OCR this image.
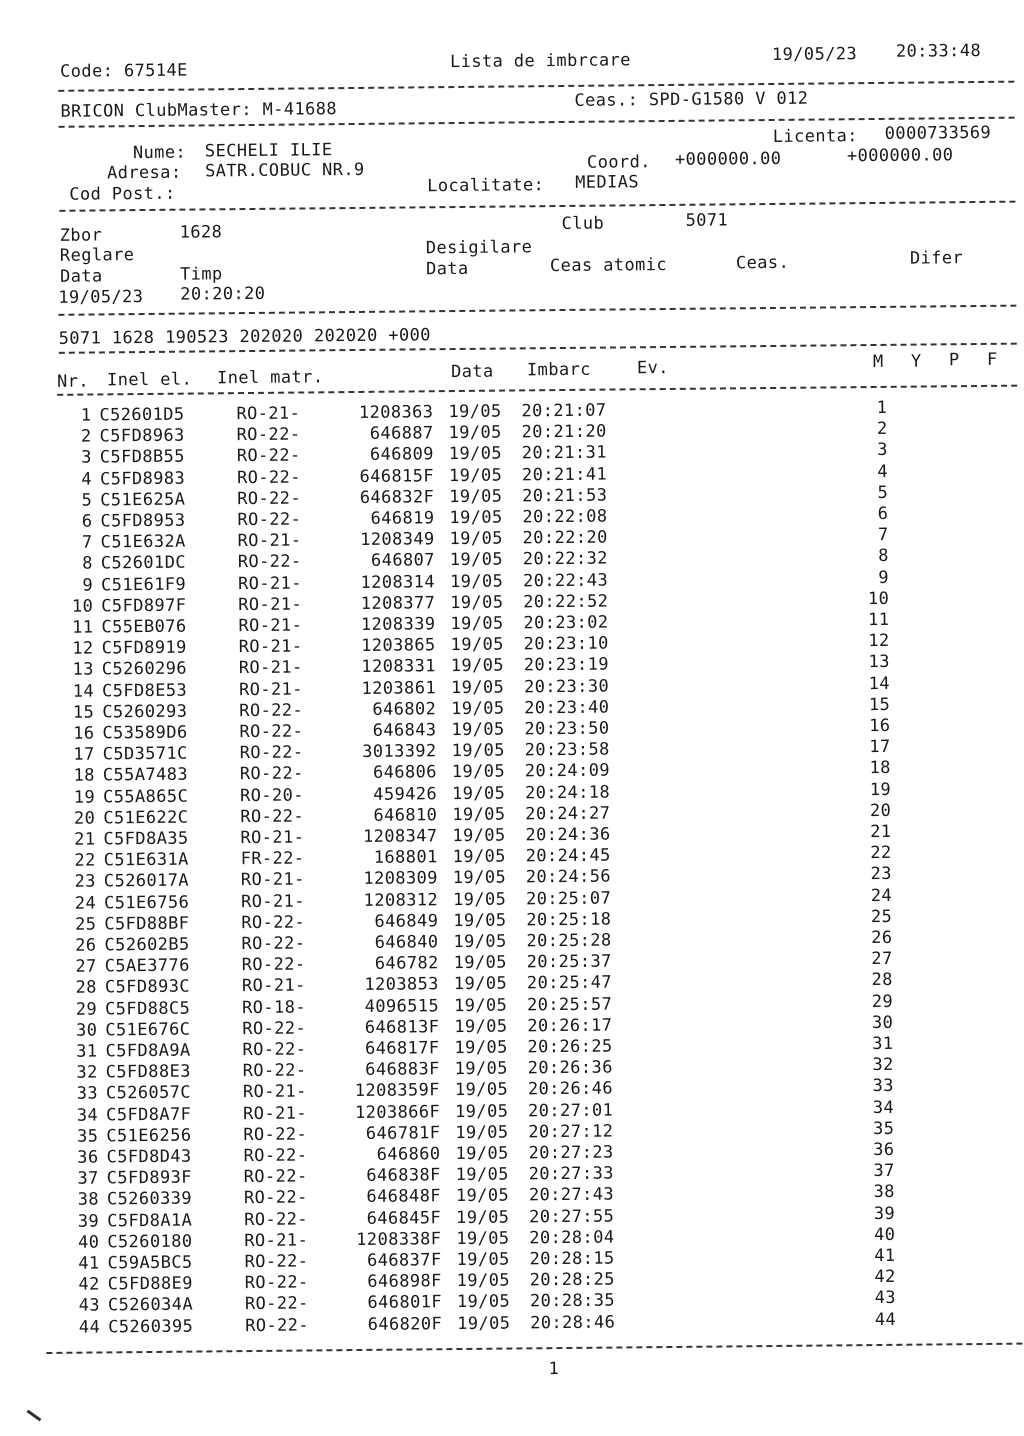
Code: 67514E	Lista de imbrcare	19/05/23 20:33:48
BRICON ClubMaster: M-41688	Ceas.: SPD-G1580 V 012
Licenta: 0000733569
Nume: SECHELI ILIE
Adresa: SATR.COBUC NR.9	Coord. +000000.00	+000000.00
Cod Post.:	Localitate: MEDIAS
Zbor	1628	Club	5071
Reglare	Desigilare
Data	Timp	Data	Ceas atomic	Ceas.	Difer
19/05/23 20:20:20
5071 1628 190523 202020 202020 +000
Nr. Inel el. Inel matr.	Data Imbarc	Ev.	M Y P F
1 C52601D5	RO-21-	1208363 19/05 20:21:07	1
2 C5FD8963	RO-22-	646887 19/05 20:21:20	2
3 C5FD8B55	RO-22-	646809 19/05 20:21:31	3
4 C5FD8983	RO-22-	646815F 19/05 20:21:41	4
5 C51E625A	RO-22-	646832F 19/05 20:21:53	5
6 C5FD8953	RO-22-	646819 19/05 20:22:08	6
7 C51E632A	RO-21-	1208349 19/05 20:22:20	7
8 C52601DC	RO-22-	646807 19/05 20:22:32	8
9 C51E61F9	RO-21-	1208314 19/05 20:22:43	9
10 C5FD897F	RO-21-	1208377 19/05 20:22:52	10
11 C55EB076	RO-21-	1208339 19/05 20:23:02	11
12 C5FD8919	RO-21-	1203865 19/05 20:23:10	12
13 C5260296	RO-21-	1208331 19/05 20:23:19	13
14 C5FD8E53	RO-21-	1203861 19/05 20:23:30	14
15 C5260293	RO-22-	646802 19/05 20:23:40	15
16 C53589D6	RO-22-	646843 19/05 20:23:50	16
17 C5D3571C	RO-22-	3013392 19/05 20:23:58	17
18 C55A7483	RO-22-	646806 19/05 20:24:09	18
19 C55A865C	RO-20-	459426 19/05 20:24:18	19
20 C51E622C	RO-22-	646810 19/05 20:24:27	20
21 C5FD8A35	RO-21-	1208347 19/05 20:24:36	21
22 C51E631A	FR-22-	168801 19/05 20:24:45	22
23 C526017A	RO-21-	1208309 19/05 20:24:56	23
24 C51E6756	RO-21-	1208312 19/05 20:25:07	24
25 C5FD88BF	RO-22-	646849 19/05 20:25:18	25
26 C52602B5	RO-22-	646840 19/05 20:25:28	26
27 C5AE3776	RO-22-	646782 19/05 20:25:37	27
28 C5FD893C	RO-21-	1203853 19/05 20:25:47	28
29 C5FD88C5	RO-18-	4096515 19/05 20:25:57	29
30 C51E676C	RO-22-	646813F 19/05 20:26:17	30
31 C5FD8A9A	RO-22-	646817F 19/05 20:26:25	31
32 C5FD88E3	RO-22-	646883F 19/05 20:26:36	32
33 C526057C	RO-21-	1208359F 19/05 20:26:46	33
34 C5FD8A7F	RO-21-	1203866F 19/05 20:27:01	34
35 C51E6256	RO-22-	646781F 19/05 20:27:12	35
36 C5FD8D43	RO-22-	646860 19/05 20:27:23	36
37 C5FD893F	RO-22-	646838F 19/05 20:27:33	37
38 C5260339	RO-22-	646848F 19/05 20:27:43	38
39 C5FD8A1A	RO-22-	646845F 19/05 20:27:55	39
40 C5260180	RO-21-	1208338F 19/05 20:28:04	40
41 C59A5BC5	RO-22-	646837F 19/05 20:28:15	41
42 C5FD88E9	RO-22-	646898F 19/05 20:28:25	42
43 C526034A	RO-22-	646801F 19/05 20:28:35	43
44 C5260395	RO-22-	646820F 19/05 20:28:46	44
1
